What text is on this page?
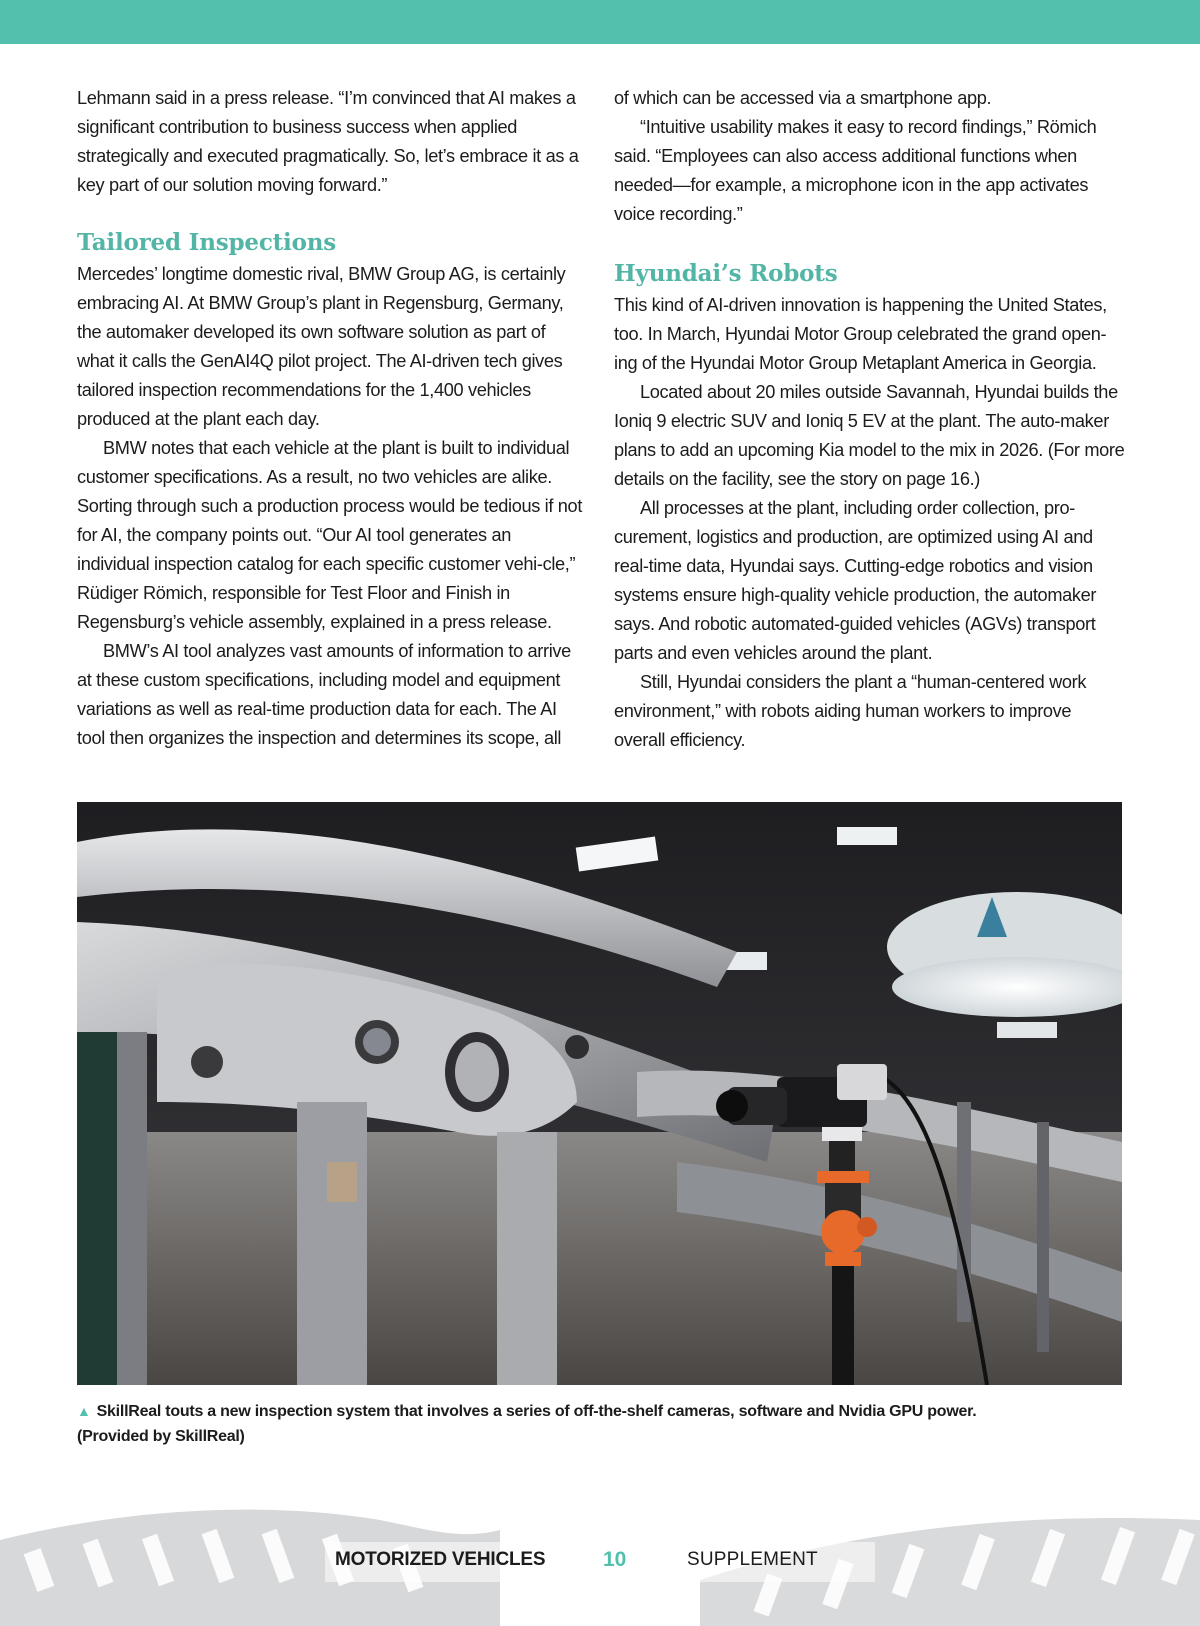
Lehmann said in a press release. “I’m convinced that AI makes a significant contribution to business success when applied strategically and executed pragmatically. So, let’s embrace it as a key part of our solution moving forward.”

Tailored Inspections

Mercedes’ longtime domestic rival, BMW Group AG, is certainly embracing AI. At BMW Group’s plant in Regensburg, Germany, the automaker developed its own software solution as part of what it calls the GenAI4Q pilot project. The AI-driven tech gives tailored inspection recommendations for the 1,400 vehicles produced at the plant each day.

BMW notes that each vehicle at the plant is built to individual customer specifications. As a result, no two vehicles are alike. Sorting through such a production process would be tedious if not for AI, the company points out. “Our AI tool generates an individual inspection catalog for each specific customer vehi-cle,” Rüdiger Römich, responsible for Test Floor and Finish in Regensburg’s vehicle assembly, explained in a press release.

BMW’s AI tool analyzes vast amounts of information to arrive at these custom specifications, including model and equipment variations as well as real-time production data for each. The AI tool then organizes the inspection and determines its scope, all

of which can be accessed via a smartphone app.

“Intuitive usability makes it easy to record findings,” Römich said. “Employees can also access additional functions when needed—for example, a microphone icon in the app activates voice recording.”

Hyundai’s Robots

This kind of AI-driven innovation is happening the United States, too. In March, Hyundai Motor Group celebrated the grand open-ing of the Hyundai Motor Group Metaplant America in Georgia.

Located about 20 miles outside Savannah, Hyundai builds the Ioniq 9 electric SUV and Ioniq 5 EV at the plant. The auto-maker plans to add an upcoming Kia model to the mix in 2026. (For more details on the facility, see the story on page 16.)

All processes at the plant, including order collection, pro-curement, logistics and production, are optimized using AI and real-time data, Hyundai says. Cutting-edge robotics and vision systems ensure high-quality vehicle production, the automaker says. And robotic automated-guided vehicles (AGVs) transport parts and even vehicles around the plant.

Still, Hyundai considers the plant a “human-centered work environment,” with robots aiding human workers to improve overall efficiency.

▲ SkillReal touts a new inspection system that involves a series of off-the-shelf cameras, software and Nvidia GPU power.
(Provided by SkillReal)
MOTORIZED VEHICLES	10	SUPPLEMENT
